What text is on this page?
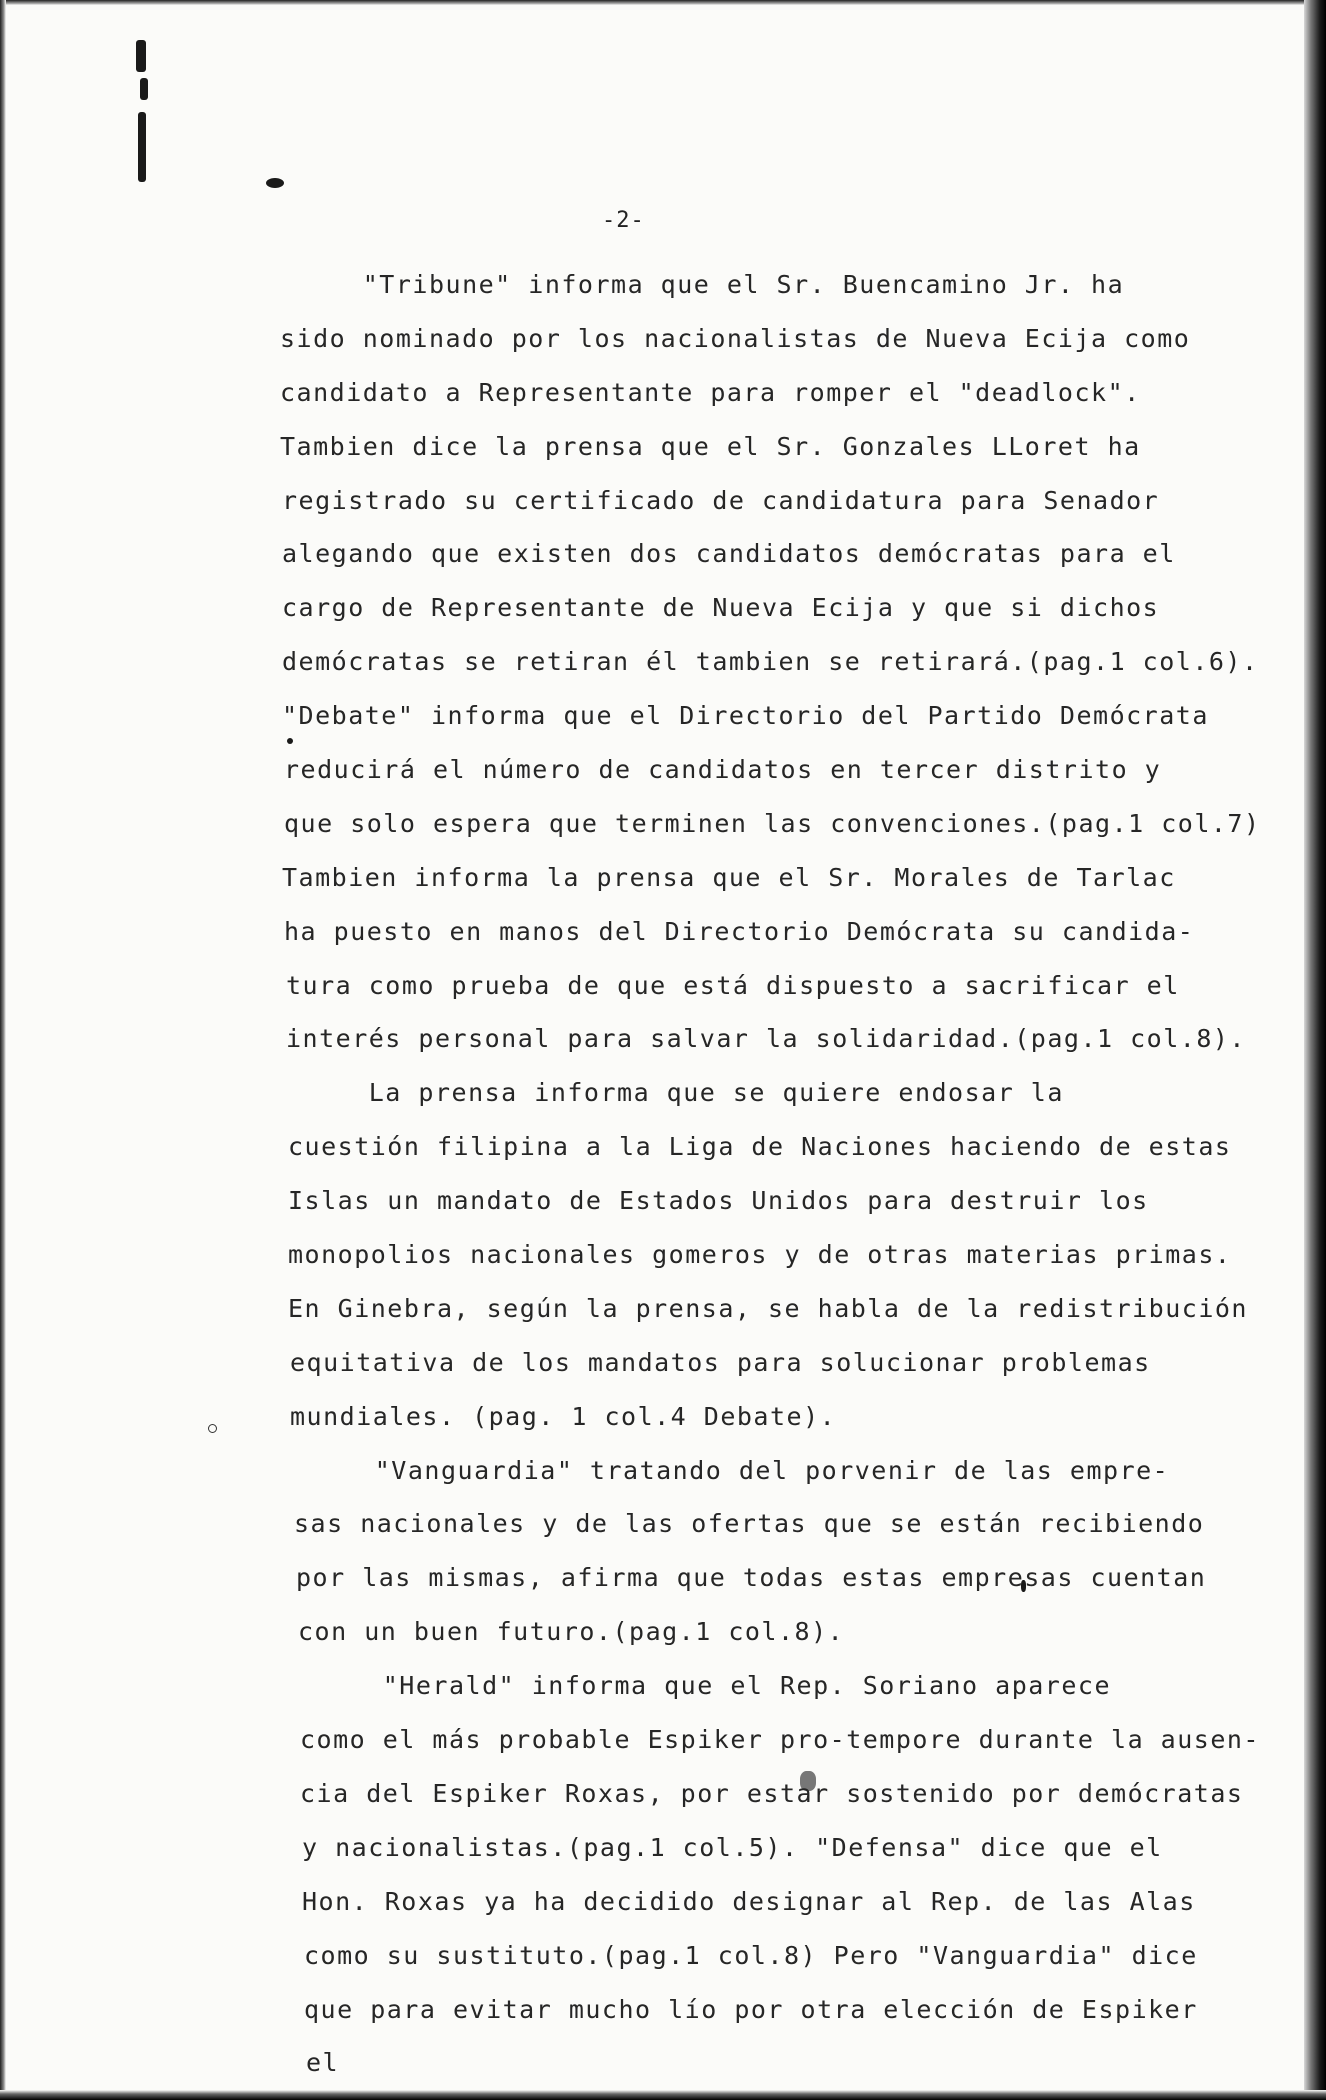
-2-
"Tribune" informa que el Sr. Buencamino Jr. ha
sido nominado por los nacionalistas de Nueva Ecija como
candidato a Representante para romper el "deadlock".
Tambien dice la prensa que el Sr. Gonzales LLoret ha
registrado su certificado de candidatura para Senador
alegando que existen dos candidatos demócratas para el
cargo de Representante de Nueva Ecija y que si dichos
demócratas se retiran él tambien se retirará.(pag.1 col.6).
"Debate" informa que el Directorio del Partido Demócrata
reducirá el número de candidatos en tercer distrito y
que solo espera que terminen las convenciones.(pag.1 col.7)
Tambien informa la prensa que el Sr. Morales de Tarlac
ha puesto en manos del Directorio Demócrata su candida-
tura como prueba de que está dispuesto a sacrificar el
interés personal para salvar la solidaridad.(pag.1 col.8).
La prensa informa que se quiere endosar la
cuestión filipina a la Liga de Naciones haciendo de estas
Islas un mandato de Estados Unidos para destruir los
monopolios nacionales gomeros y de otras materias primas.
En Ginebra, según la prensa, se habla de la redistribución
equitativa de los mandatos para solucionar problemas
mundiales. (pag. 1 col.4 Debate).
"Vanguardia" tratando del porvenir de las empre-
sas nacionales y de las ofertas que se están recibiendo
por las mismas, afirma que todas estas empresas cuentan
con un buen futuro.(pag.1 col.8).
"Herald" informa que el Rep. Soriano aparece
como el más probable Espiker pro-tempore durante la ausen-
cia del Espiker Roxas, por estar sostenido por demócratas
y nacionalistas.(pag.1 col.5). "Defensa" dice que el
Hon. Roxas ya ha decidido designar al Rep. de las Alas
como su sustituto.(pag.1 col.8) Pero "Vanguardia" dice
que para evitar mucho lío por otra elección de Espiker
el
